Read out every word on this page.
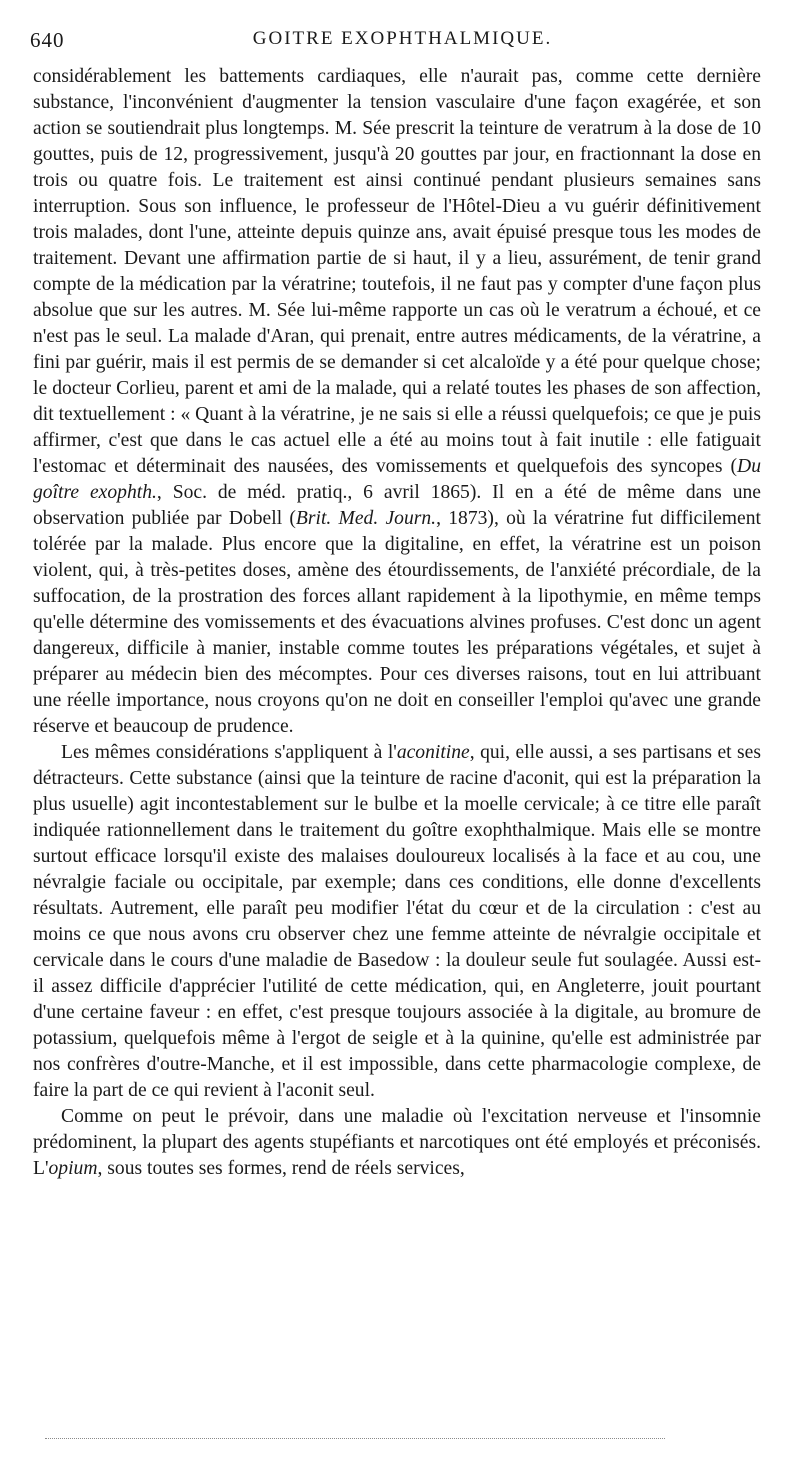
640	GOITRE EXOPHTHALMIQUE.

considérablement les battements cardiaques, elle n'aurait pas, comme cette dernière substance, l'inconvénient d'augmenter la tension vasculaire d'une façon exagérée, et son action se soutiendrait plus longtemps. M. Sée prescrit la teinture de veratrum à la dose de 10 gouttes, puis de 12, progressivement, jusqu'à 20 gouttes par jour, en fractionnant la dose en trois ou quatre fois. Le traitement est ainsi continué pendant plusieurs semaines sans interruption. Sous son influence, le professeur de l'Hôtel-Dieu a vu guérir définitivement trois malades, dont l'une, atteinte depuis quinze ans, avait épuisé presque tous les modes de traitement. Devant une affirmation partie de si haut, il y a lieu, assurément, de tenir grand compte de la médication par la vératrine; toutefois, il ne faut pas y compter d'une façon plus absolue que sur les autres. M. Sée lui-même rapporte un cas où le veratrum a échoué, et ce n'est pas le seul. La malade d'Aran, qui prenait, entre autres médicaments, de la vératrine, a fini par guérir, mais il est permis de se demander si cet alcaloïde y a été pour quelque chose; le docteur Corlieu, parent et ami de la malade, qui a relaté toutes les phases de son affection, dit textuellement : « Quant à la vératrine, je ne sais si elle a réussi quelquefois; ce que je puis affirmer, c'est que dans le cas actuel elle a été au moins tout à fait inutile : elle fatiguait l'estomac et déterminait des nausées, des vomissements et quelquefois des syncopes (Du goître exophth., Soc. de méd. pratiq., 6 avril 1865). Il en a été de même dans une observation publiée par Dobell (Brit. Med. Journ., 1873), où la vératrine fut difficilement tolérée par la malade. Plus encore que la digitaline, en effet, la vératrine est un poison violent, qui, à très-petites doses, amène des étourdissements, de l'anxiété précordiale, de la suffocation, de la prostration des forces allant rapidement à la lipothymie, en même temps qu'elle détermine des vomissements et des évacuations alvines profuses. C'est donc un agent dangereux, difficile à manier, instable comme toutes les préparations végétales, et sujet à préparer au médecin bien des mécomptes. Pour ces diverses raisons, tout en lui attribuant une réelle importance, nous croyons qu'on ne doit en conseiller l'emploi qu'avec une grande réserve et beaucoup de prudence.

Les mêmes considérations s'appliquent à l'aconitine, qui, elle aussi, a ses partisans et ses détracteurs. Cette substance (ainsi que la teinture de racine d'aconit, qui est la préparation la plus usuelle) agit incontestablement sur le bulbe et la moelle cervicale; à ce titre elle paraît indiquée rationnellement dans le traitement du goître exophthalmique. Mais elle se montre surtout efficace lorsqu'il existe des malaises douloureux localisés à la face et au cou, une névralgie faciale ou occipitale, par exemple; dans ces conditions, elle donne d'excellents résultats. Autrement, elle paraît peu modifier l'état du cœur et de la circulation : c'est au moins ce que nous avons cru observer chez une femme atteinte de névralgie occipitale et cervicale dans le cours d'une maladie de Basedow : la douleur seule fut soulagée. Aussi est-il assez difficile d'apprécier l'utilité de cette médication, qui, en Angleterre, jouit pourtant d'une certaine faveur : en effet, c'est presque toujours associée à la digitale, au bromure de potassium, quelquefois même à l'ergot de seigle et à la quinine, qu'elle est administrée par nos confrères d'outre-Manche, et il est impossible, dans cette pharmacologie complexe, de faire la part de ce qui revient à l'aconit seul.

Comme on peut le prévoir, dans une maladie où l'excitation nerveuse et l'insomnie prédominent, la plupart des agents stupéfiants et narcotiques ont été employés et préconisés. L'opium, sous toutes ses formes, rend de réels services,
